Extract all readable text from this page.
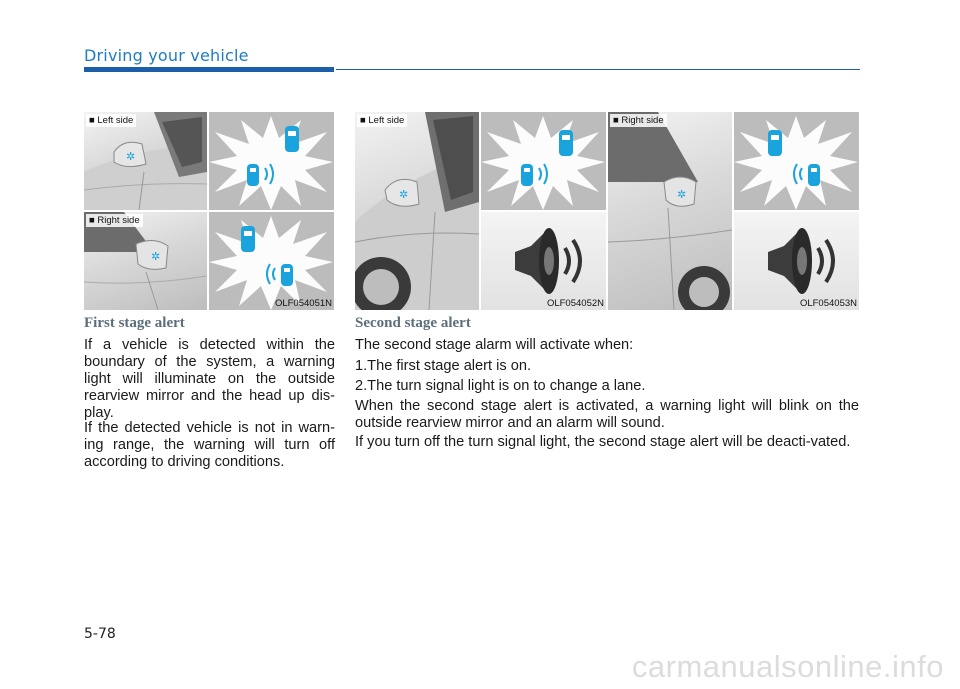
Driving your vehicle
✲
■ Left side
✲
■ Right side
OLF054051N
✲
■ Left side
OLF054052N
✲
■ Right side
OLF054053N
First stage alert
If a vehicle is detected within the boundary of the system, a warning light will illuminate on the outside rearview mirror and the head up dis-play.
If the detected vehicle is not in warn-ing range, the warning will turn off according to driving conditions.
Second stage alert
The second stage alarm will activate when:
1.The first stage alert is on.
2.The turn signal light is on to change a lane.
When the second stage alert is activated, a warning light will blink on the outside rearview mirror and an alarm will sound.
If you turn off the turn signal light, the second stage alert will be deacti-vated.
5-78
carmanualsonline.info
